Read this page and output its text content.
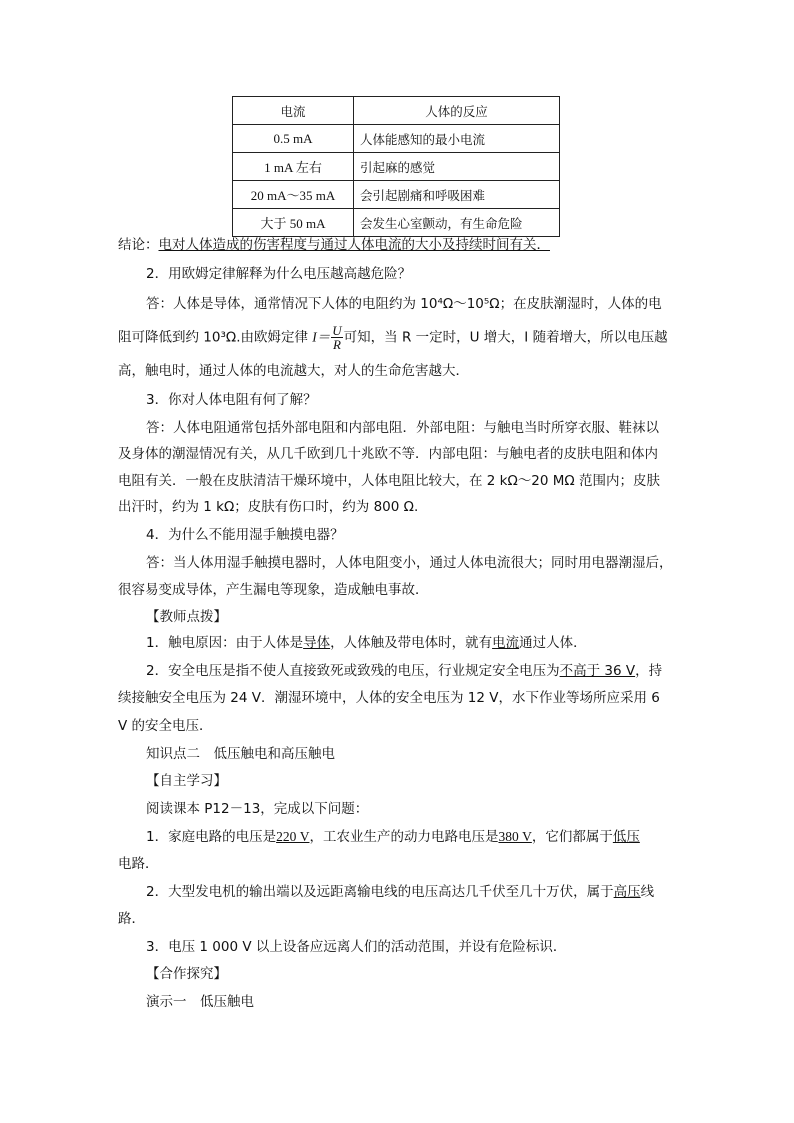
电流	人体的反应
0.5 mA	人体能感知的最小电流
1 mA 左右	引起麻的感觉
20 mA～35 mA	会引起剧痛和呼吸困难
大于 50 mA	会发生心室颤动，有生命危险
结论：电对人体造成的伤害程度与通过人体电流的大小及持续时间有关．
2．用欧姆定律解释为什么电压越高越危险？
答：人体是导体，通常情况下人体的电阻约为 10⁴Ω～10⁵Ω；在皮肤潮湿时，人体的电
阻可降低到约 10³Ω.由欧姆定律 $I= \frac{U}{R}$ 可知，当 R 一定时，U 增大，I 随着增大，所以电压越
高，触电时，通过人体的电流越大，对人的生命危害越大．
3．你对人体电阻有何了解？
答：人体电阻通常包括外部电阻和内部电阻．外部电阻：与触电当时所穿衣服、鞋袜以
及身体的潮湿情况有关，从几千欧到几十兆欧不等．内部电阻：与触电者的皮肤电阻和体内
电阻有关．一般在皮肤清洁干燥环境中，人体电阻比较大，在 2 kΩ～20 MΩ 范围内；皮肤
出汗时，约为 1 kΩ；皮肤有伤口时，约为 800 Ω.
4．为什么不能用湿手触摸电器？
答：当人体用湿手触摸电器时，人体电阻变小，通过人体电流很大；同时用电器潮湿后，
很容易变成导体，产生漏电等现象，造成触电事故．
【教师点拨】
1．触电原因：由于人体是导体，人体触及带电体时，就有电流通过人体．
2．安全电压是指不使人直接致死或致残的电压，行业规定安全电压为不高于 36 V，持
续接触安全电压为 24 V．潮湿环境中，人体的安全电压为 12 V，水下作业等场所应采用 6
V 的安全电压．
知识点二　低压触电和高压触电
【自主学习】
阅读课本 P12－13，完成以下问题：
1．家庭电路的电压是220 V，工农业生产的动力电路电压是380 V，它们都属于低压
电路．
2．大型发电机的输出端以及远距离输电线的电压高达几千伏至几十万伏，属于高压线
路．
3．电压 1 000 V 以上设备应远离人们的活动范围，并设有危险标识．
【合作探究】
演示一　低压触电
